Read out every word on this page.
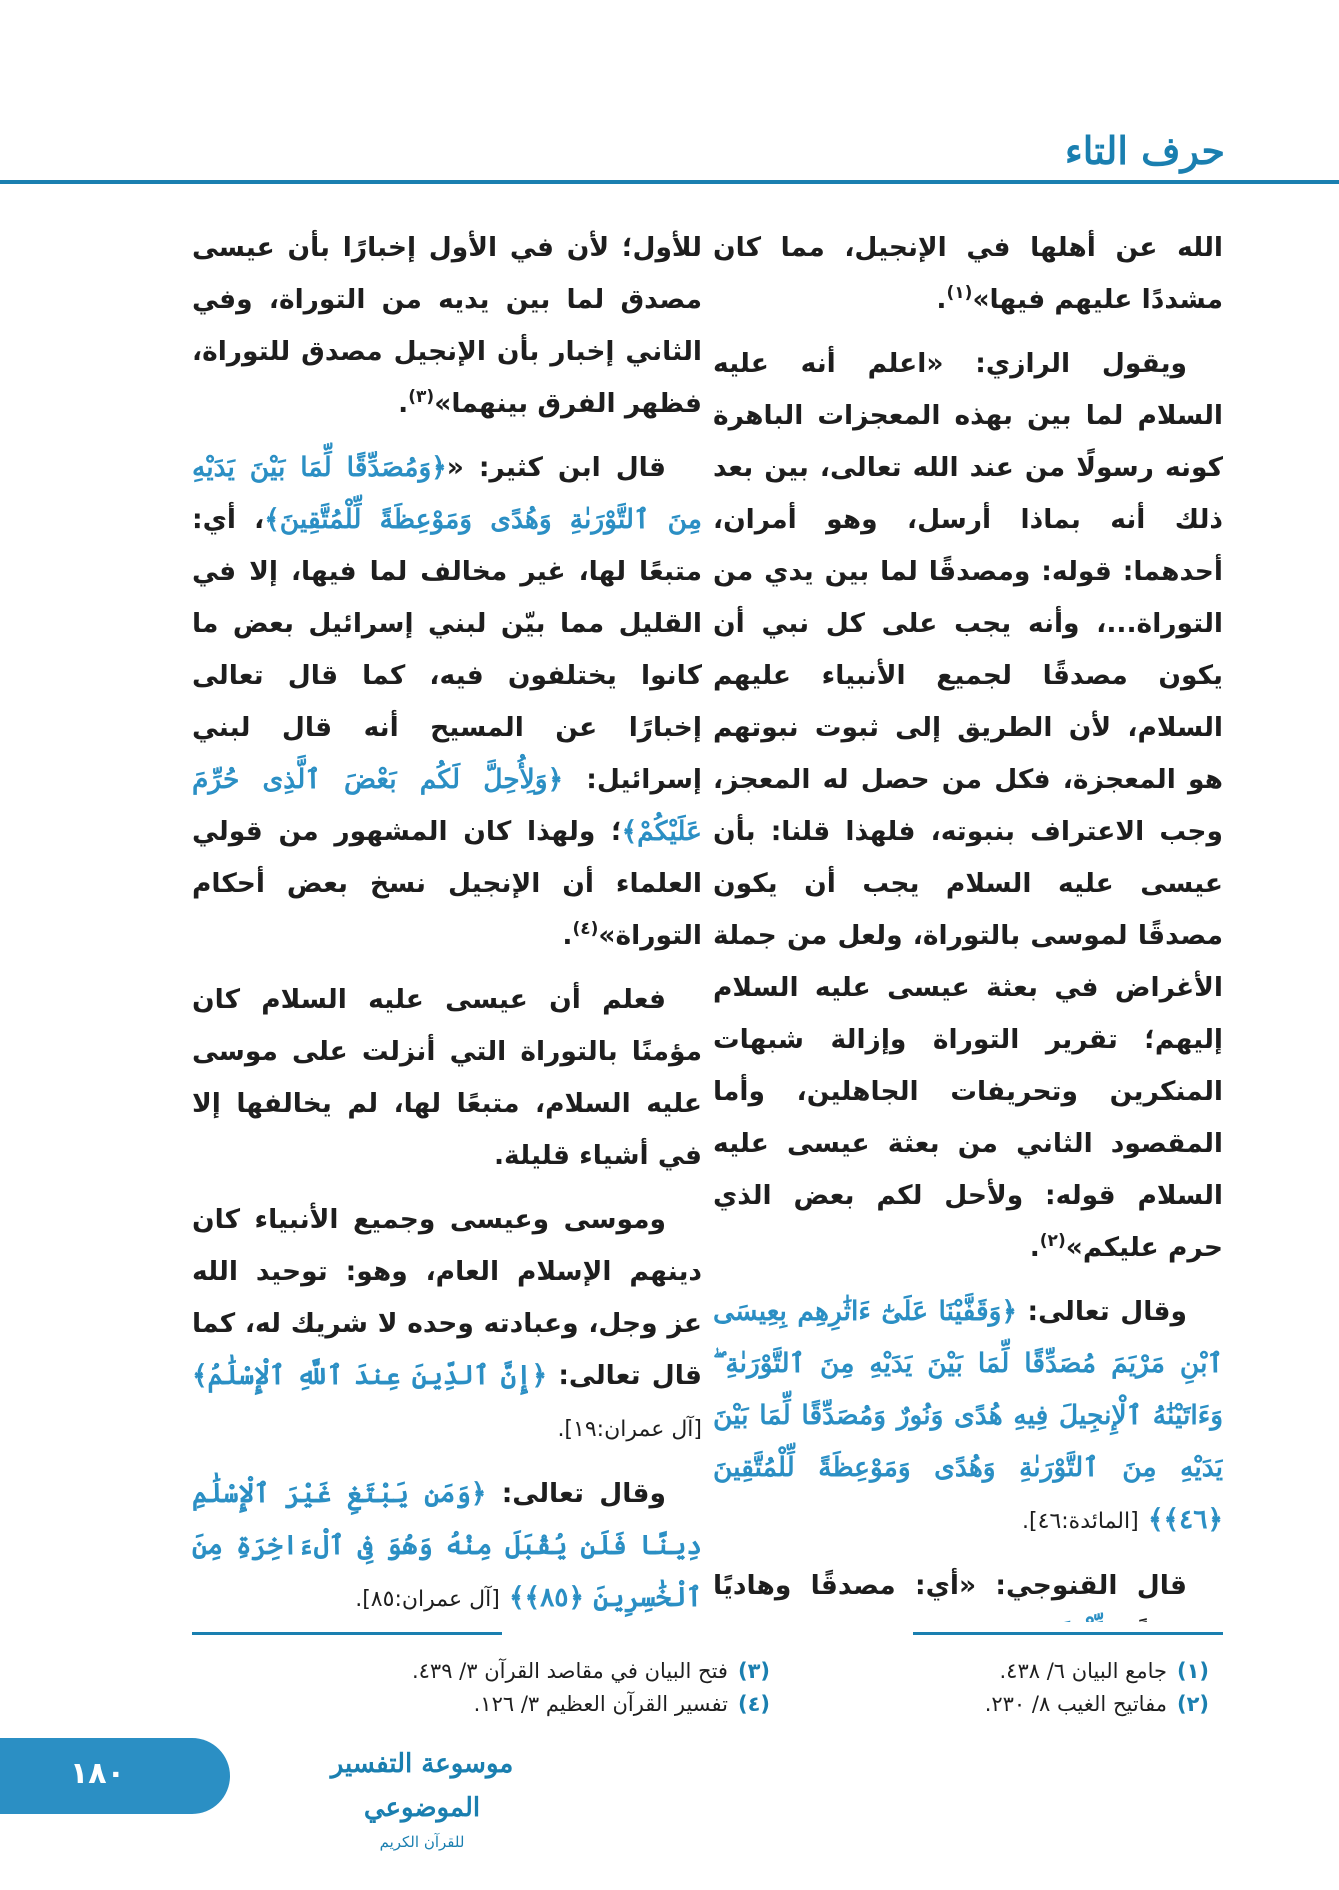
حرف التاء

الله عن أهلها في الإنجيل، مما كان مشددًا عليهم فيها»$^{(١)}$.

ويقول الرازي: «اعلم أنه عليه السلام لما بين بهذه المعجزات الباهرة كونه رسولًا من عند الله تعالى، بين بعد ذلك أنه بماذا أرسل، وهو أمران، أحدهما: قوله: ومصدقًا لما بين يدي من التوراة...، وأنه يجب على كل نبي أن يكون مصدقًا لجميع الأنبياء عليهم السلام، لأن الطريق إلى ثبوت نبوتهم هو المعجزة، فكل من حصل له المعجز، وجب الاعتراف بنبوته، فلهذا قلنا: بأن عيسى عليه السلام يجب أن يكون مصدقًا لموسى بالتوراة، ولعل من جملة الأغراض في بعثة عيسى عليه السلام إليهم؛ تقرير التوراة وإزالة شبهات المنكرين وتحريفات الجاهلين، وأما المقصود الثاني من بعثة عيسى عليه السلام قوله: ولأحل لكم بعض الذي حرم عليكم»$^{(٢)}$.

وقال تعالى: ﴿وَقَفَّيْنَا عَلَىٰٓ ءَاثَٰرِهِم بِعِيسَى ٱبْنِ مَرْيَمَ مُصَدِّقًا لِّمَا بَيْنَ يَدَيْهِ مِنَ ٱلتَّوْرَىٰةِ ۖ وَءَاتَيْنَٰهُ ٱلْإِنجِيلَ فِيهِ هُدًى وَنُورٌ وَمُصَدِّقًا لِّمَا بَيْنَ يَدَيْهِ مِنَ ٱلتَّوْرَىٰةِ وَهُدًى وَمَوْعِظَةً لِّلْمُتَّقِينَ ﴿٤٦﴾﴾ [المائدة:٤٦].

قال القنوجي: «أي: مصدقًا وهاديًا

للأول؛ لأن في الأول إخبارًا بأن عيسى مصدق لما بين يديه من التوراة، وفي الثاني إخبار بأن الإنجيل مصدق للتوراة، فظهر الفرق بينهما»$^{(٣)}$.

قال ابن كثير: «﴿وَمُصَدِّقًا لِّمَا بَيْنَ يَدَيْهِ مِنَ ٱلتَّوْرَىٰةِ وَهُدًى وَمَوْعِظَةً لِّلْمُتَّقِينَ﴾، أي: متبعًا لها، غير مخالف لما فيها، إلا في القليل مما بيّن لبني إسرائيل بعض ما كانوا يختلفون فيه، كما قال تعالى إخبارًا عن المسيح أنه قال لبني إسرائيل: ﴿وَلِأُحِلَّ لَكُم بَعْضَ ٱلَّذِى حُرِّمَ عَلَيْكُمْ﴾؛ ولهذا كان المشهور من قولي العلماء أن الإنجيل نسخ بعض أحكام التوراة»$^{(٤)}$.

فعلم أن عيسى عليه السلام كان مؤمنًا بالتوراة التي أنزلت على موسى عليه السلام، متبعًا لها، لم يخالفها إلا في أشياء قليلة.

وموسى وعيسى وجميع الأنبياء كان دينهم الإسلام العام، وهو: توحيد الله عز وجل، وعبادته وحده لا شريك له، كما قال تعالى: ﴿إِنَّ ٱلدِّينَ عِندَ ٱللَّهِ ٱلْإِسْلَٰمُ﴾ [آل عمران:١٩].

وقال تعالى: ﴿وَمَن يَبْتَغِ غَيْرَ ٱلْإِسْلَٰمِ دِينًا فَلَن يُقْبَلَ مِنْهُ وَهُوَ فِى ٱلْءَاخِرَةِ مِنَ ٱلْخَٰسِرِينَ ﴿٨٥﴾﴾ [آل عمران:٨٥].

(١)جامع البيان ٦/ ٤٣٨.
(٢)مفاتيح الغيب ٨/ ٢٣٠.
(٣)فتح البيان في مقاصد القرآن ٣/ ٤٣٩.
(٤)تفسير القرآن العظيم ٣/ ١٢٦.
١٨٠	موسوعة التفسير الموضوعي
للقرآن الكريم
